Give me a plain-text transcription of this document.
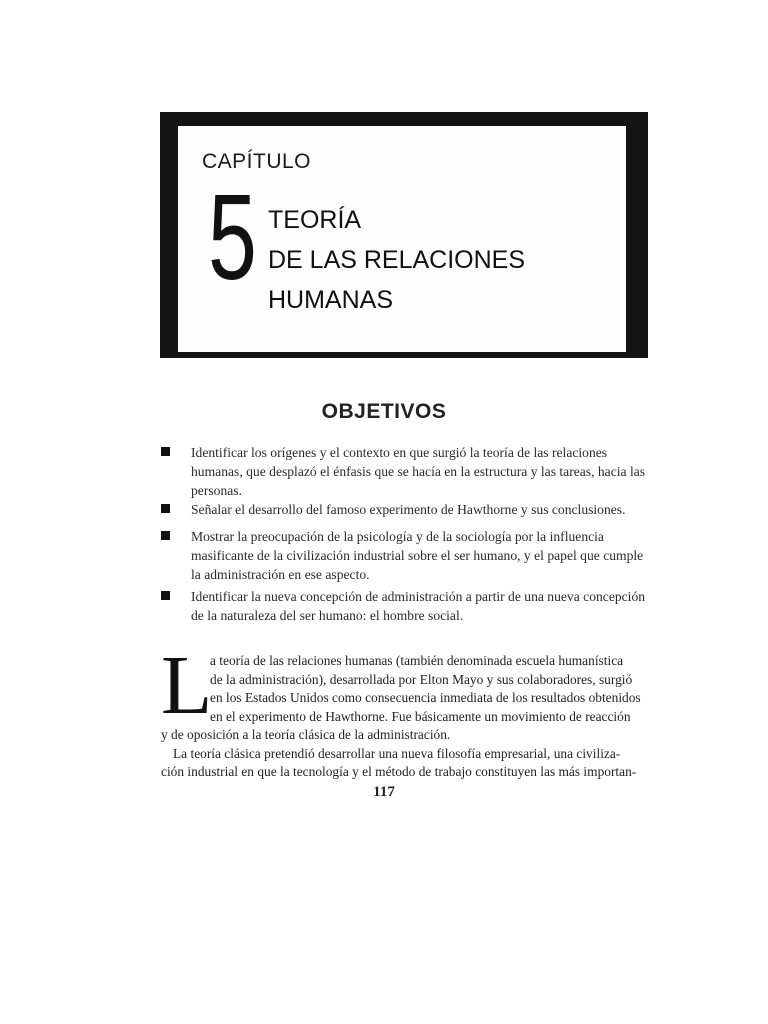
CAPÍTULO
5 TEORÍA
DE LAS RELACIONES
HUMANAS
OBJETIVOS
Identificar los orígenes y el contexto en que surgió la teoría de las relaciones humanas, que desplazó el énfasis que se hacía en la estructura y las tareas, hacia las personas.
Señalar el desarrollo del famoso experimento de Hawthorne y sus conclusiones.
Mostrar la preocupación de la psicología y de la sociología por la influencia masificante de la civilización industrial sobre el ser humano, y el papel que cumple la administración en ese aspecto.
Identificar la nueva concepción de administración a partir de una nueva concepción de la naturaleza del ser humano: el hombre social.
L
a teoría de las relaciones humanas (también denominada escuela humanística
de la administración), desarrollada por Elton Mayo y sus colaboradores, surgió
en los Estados Unidos como consecuencia inmediata de los resultados obtenidos
en el experimento de Hawthorne. Fue básicamente un movimiento de reacción
y de oposición a la teoría clásica de la administración.
La teoría clásica pretendió desarrollar una nueva filosofía empresarial, una civiliza-
ción industrial en que la tecnología y el método de trabajo constituyen las más importan-
117
